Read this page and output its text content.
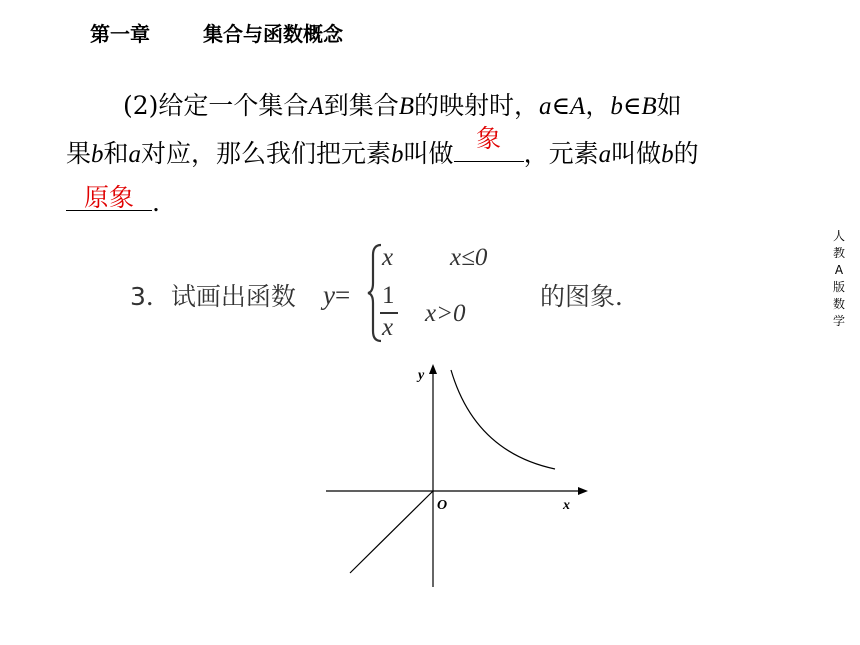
第一章	集合与函数概念
(2)给定一个集合A到集合B的映射时，a∈A，b∈B如
果b和a对应，那么我们把元素b叫做
象
，元素a叫做b的
原象 .
人
教
A
版
数
学
3．试画出函数 y=
x x≤0
1
x
x>0
的图象．
y
x
O
